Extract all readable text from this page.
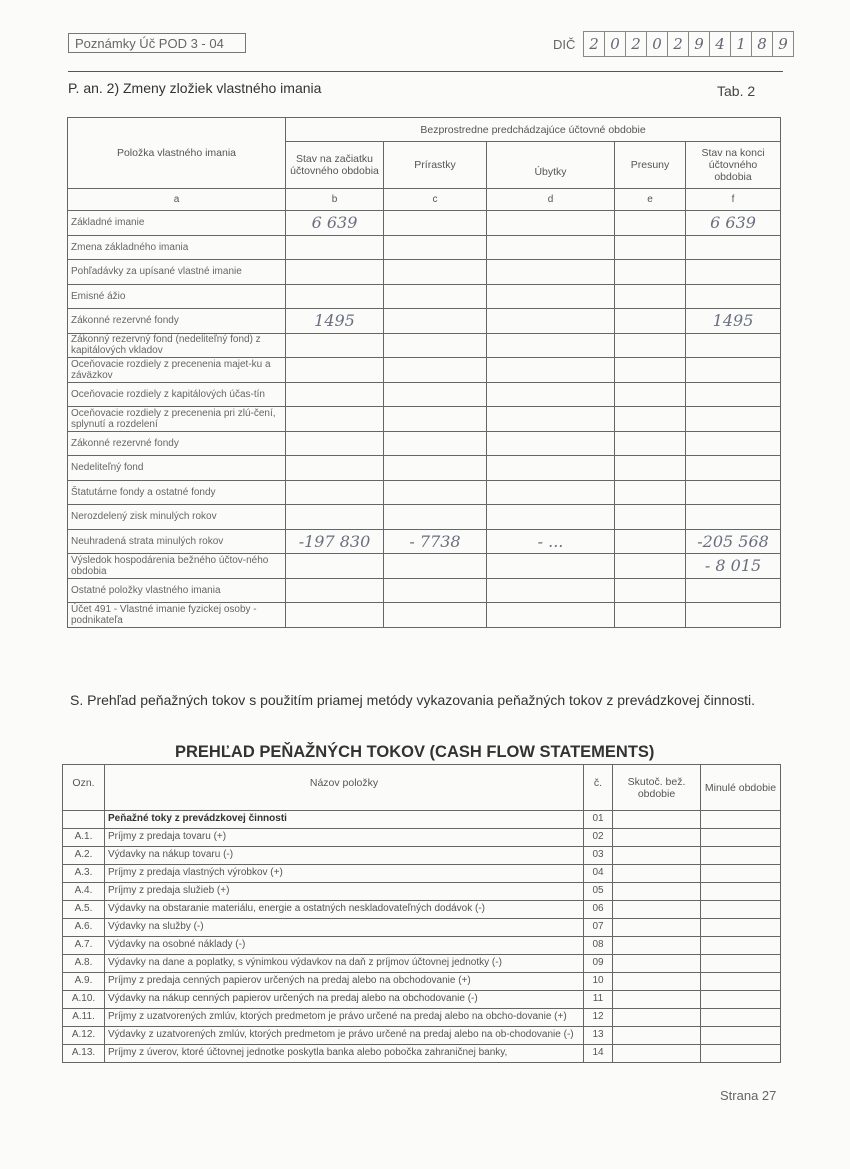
Poznámky Úč POD 3 - 04	DIČ 2 0 2 0 2 9 4 1 8 9
P. an. 2) Zmeny zložiek vlastného imania	Tab. 2
Položka vlastného imania	Bezprostredne predchádzajúce účtovné obdobie				
	Stav na začiatku účtovného obdobia	Prírastky	Úbytky	Presuny	Stav na konci účtovného obdobia
a	b	c	d	e	f
Základné imanie	6 639				6 639
Zmena základného imania					
Pohľadávky za upísané vlastné imanie					
Emisné ážio					
Zákonné rezervné fondy	1495				1495
Zákonný rezervný fond (nedeliteľný fond) z kapitálových vkladov					
Oceňovacie rozdiely z precenenia majet-ku a záväzkov					
Oceňovacie rozdiely z kapitálových účas-tín					
Oceňovacie rozdiely z precenenia pri zlú-čení, splynutí a rozdelení					
Zákonné rezervné fondy					
Nedeliteľný fond					
Štatutárne fondy a ostatné fondy					
Nerozdelený zisk minulých rokov					
Neuhradená strata minulých rokov	-197 830	- 7738	- ...		-205 568
Výsledok hospodárenia bežného účtov-ného obdobia					- 8 015
Ostatné položky vlastného imania					
Účet 491 - Vlastné imanie fyzickej osoby - podnikateľa					
S. Prehľad peňažných tokov s použitím priamej metódy vykazovania peňažných tokov z prevádzkovej činnosti.
PREHĽAD PEŇAŽNÝCH TOKOV (CASH FLOW STATEMENTS)
Ozn.	Názov položky	č.	Skutoč. bež. obdobie	Minulé obdobie
	Peňažné toky z prevádzkovej činnosti	01		
A.1.	Príjmy z predaja tovaru (+)	02		
A.2.	Výdavky na nákup tovaru (-)	03		
A.3.	Príjmy z predaja vlastných výrobkov (+)	04		
A.4.	Príjmy z predaja služieb (+)	05		
A.5.	Výdavky na obstaranie materiálu, energie a ostatných neskladovateľných dodávok (-)	06		
A.6.	Výdavky na služby (-)	07		
A.7.	Výdavky na osobné náklady (-)	08		
A.8.	Výdavky na dane a poplatky, s výnimkou výdavkov na daň z príjmov účtovnej jednotky (-)	09		
A.9.	Príjmy z predaja cenných papierov určených na predaj alebo na obchodovanie (+)	10		
A.10.	Výdavky na nákup cenných papierov určených na predaj alebo na obchodovanie (-)	11		
A.11.	Príjmy z uzatvorených zmlúv, ktorých predmetom je právo určené na predaj alebo na obcho-dovanie (+)	12		
A.12.	Výdavky z uzatvorených zmlúv, ktorých predmetom je právo určené na predaj alebo na ob-chodovanie (-)	13		
A.13.	Príjmy z úverov, ktoré účtovnej jednotke poskytla banka alebo pobočka zahraničnej banky,	14		
Strana 27
